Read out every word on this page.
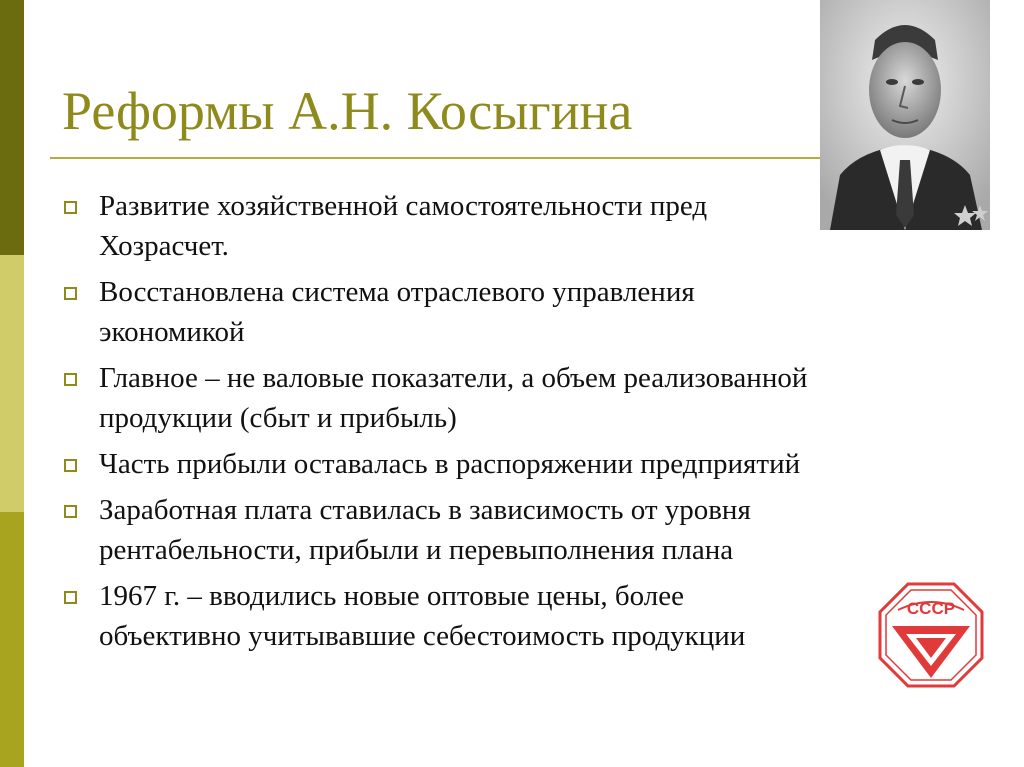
Реформы А.Н. Косыгина
Развитие хозяйственной самостоятельности пред
Хозрасчет.
Восстановлена система отраслевого управления
экономикой
Главное – не валовые показатели, а объем реализованной
продукции (сбыт и прибыль)
Часть прибыли оставалась в распоряжении предприятий
Заработная плата ставилась в зависимость от уровня
рентабельности, прибыли и перевыполнения плана
1967 г. – вводились новые оптовые цены, более
объективно учитывавшие себестоимость продукции
СССР
